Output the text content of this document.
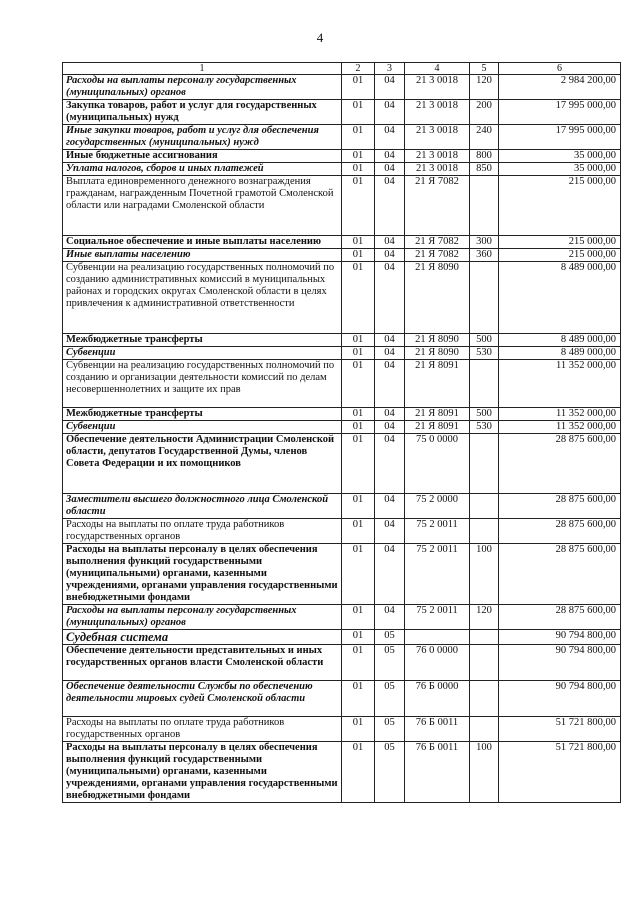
4
1	2	3	4	5	6
Расходы на выплаты персоналу государственных (муниципальных) органов	01	04	21 3 0018	120	2 984 200,00
Закупка товаров, работ и услуг для государственных (муниципальных) нужд	01	04	21 3 0018	200	17 995 000,00
Иные закупки товаров, работ и услуг для обеспечения государственных (муниципальных) нужд	01	04	21 3 0018	240	17 995 000,00
Иные бюджетные ассигнования	01	04	21 3 0018	800	35 000,00
Уплата налогов, сборов и иных платежей	01	04	21 3 0018	850	35 000,00
Выплата единовременного денежного вознаграждения гражданам, награжденным Почетной грамотой Смоленской области или наградами Смоленской области	01	04	21 Я 7082		215 000,00
Социальное обеспечение и иные выплаты населению	01	04	21 Я 7082	300	215 000,00
Иные выплаты населению	01	04	21 Я 7082	360	215 000,00
Субвенции на реализацию государственных полномочий по созданию административных комиссий в муниципальных районах и городских округах Смоленской области в целях привлечения к административной ответственности	01	04	21 Я 8090		8 489 000,00
Межбюджетные трансферты	01	04	21 Я 8090	500	8 489 000,00
Субвенции	01	04	21 Я 8090	530	8 489 000,00
Субвенции на реализацию государственных полномочий по созданию и организации деятельности комиссий по делам несовершеннолетних и защите их прав	01	04	21 Я 8091		11 352 000,00
Межбюджетные трансферты	01	04	21 Я 8091	500	11 352 000,00
Субвенции	01	04	21 Я 8091	530	11 352 000,00
Обеспечение деятельности Администрации Смоленской области, депутатов Государственной Думы, членов Совета Федерации и их помощников	01	04	75 0 0000		28 875 600,00
Заместители высшего должностного лица Смоленской области	01	04	75 2 0000		28 875 600,00
Расходы на выплаты по оплате труда работников государственных органов	01	04	75 2 0011		28 875 600,00
Расходы на выплаты персоналу в целях обеспечения выполнения функций государственными (муниципальными) органами, казенными учреждениями, органами управления государственными внебюджетными фондами	01	04	75 2 0011	100	28 875 600,00
Расходы на выплаты персоналу государственных (муниципальных) органов	01	04	75 2 0011	120	28 875 600,00
Судебная система	01	05			90 794 800,00
Обеспечение деятельности представительных и иных государственных органов власти Смоленской области	01	05	76 0 0000		90 794 800,00
Обеспечение деятельности Службы по обеспечению деятельности мировых судей Смоленской области	01	05	76 Б 0000		90 794 800,00
Расходы на выплаты по оплате труда работников государственных органов	01	05	76 Б 0011		51 721 800,00
Расходы на выплаты персоналу в целях обеспечения выполнения функций государственными (муниципальными) органами, казенными учреждениями, органами управления государственными внебюджетными фондами	01	05	76 Б 0011	100	51 721 800,00
